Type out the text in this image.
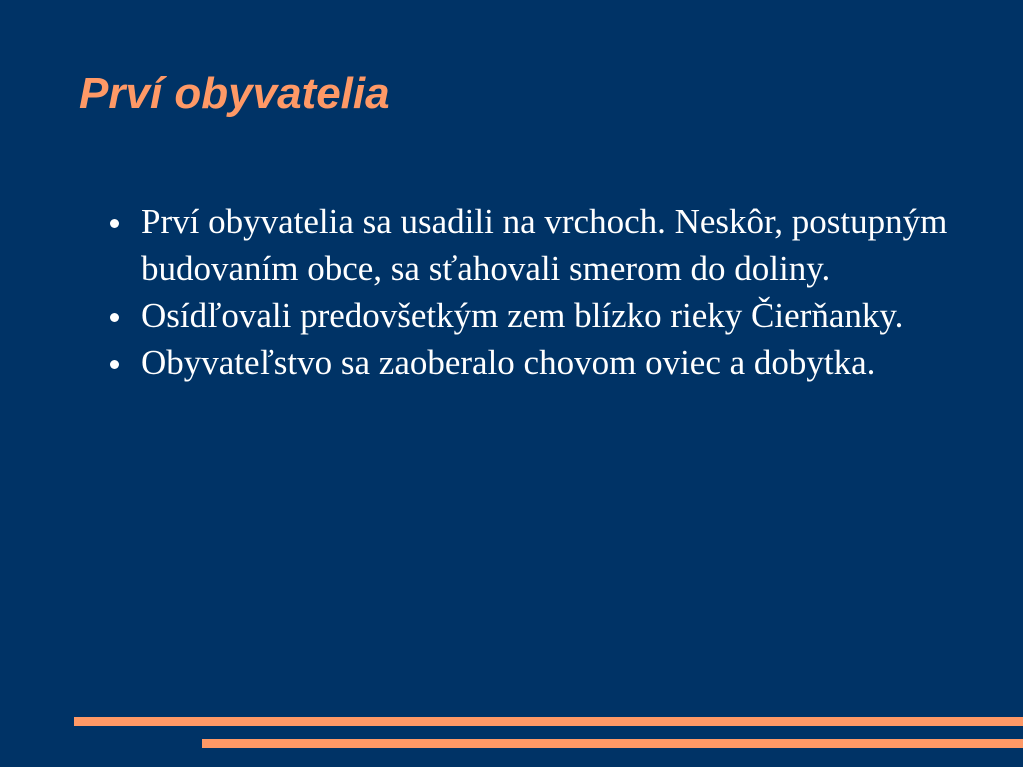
Prví obyvatelia
Prví obyvatelia sa usadili na vrchoch. Neskôr, postupným budovaním obce, sa sťahovali smerom do doliny.
Osídľovali predovšetkým zem blízko rieky Čierňanky.
Obyvateľstvo sa zaoberalo chovom oviec a dobytka.
